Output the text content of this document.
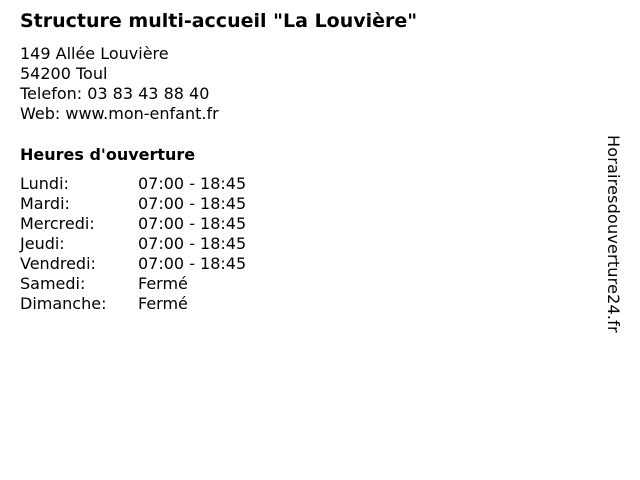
Structure multi-accueil "La Louvière"
149 Allée Louvière
54200 Toul
Telefon: 03 83 43 88 40
Web: www.mon-enfant.fr
Heures d'ouverture
Lundi:	07:00 - 18:45
Mardi:	07:00 - 18:45
Mercredi:	07:00 - 18:45
Jeudi:	07:00 - 18:45
Vendredi:	07:00 - 18:45
Samedi:	Fermé
Dimanche:	Fermé	Horairesdouverture24.fr
